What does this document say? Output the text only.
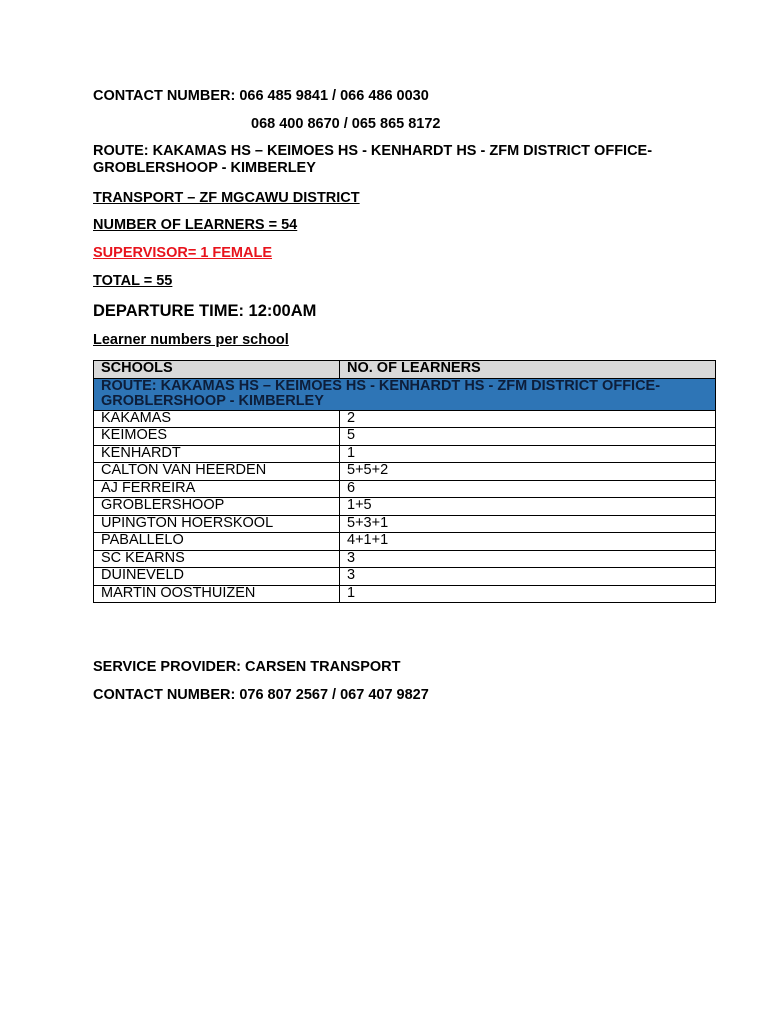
CONTACT NUMBER: 066 485 9841 / 066 486 0030
068 400 8670 / 065 865 8172
ROUTE: KAKAMAS HS – KEIMOES HS - KENHARDT HS - ZFM DISTRICT OFFICE- GROBLERSHOOP - KIMBERLEY
TRANSPORT – ZF MGCAWU DISTRICT
NUMBER OF LEARNERS = 54
SUPERVISOR= 1 FEMALE
TOTAL = 55
DEPARTURE TIME: 12:00AM
Learner numbers per school
SCHOOLS	NO. OF LEARNERS
ROUTE: KAKAMAS HS – KEIMOES HS - KENHARDT HS - ZFM DISTRICT OFFICE- GROBLERSHOOP - KIMBERLEY	
KAKAMAS	2
KEIMOES	5
KENHARDT	1
CALTON VAN HEERDEN	5+5+2
AJ FERREIRA	6
GROBLERSHOOP	1+5
UPINGTON HOERSKOOL	5+3+1
PABALLELO	4+1+1
SC KEARNS	3
DUINEVELD	3
MARTIN OOSTHUIZEN	1
SERVICE PROVIDER: CARSEN TRANSPORT
CONTACT NUMBER: 076 807 2567 / 067 407 9827
